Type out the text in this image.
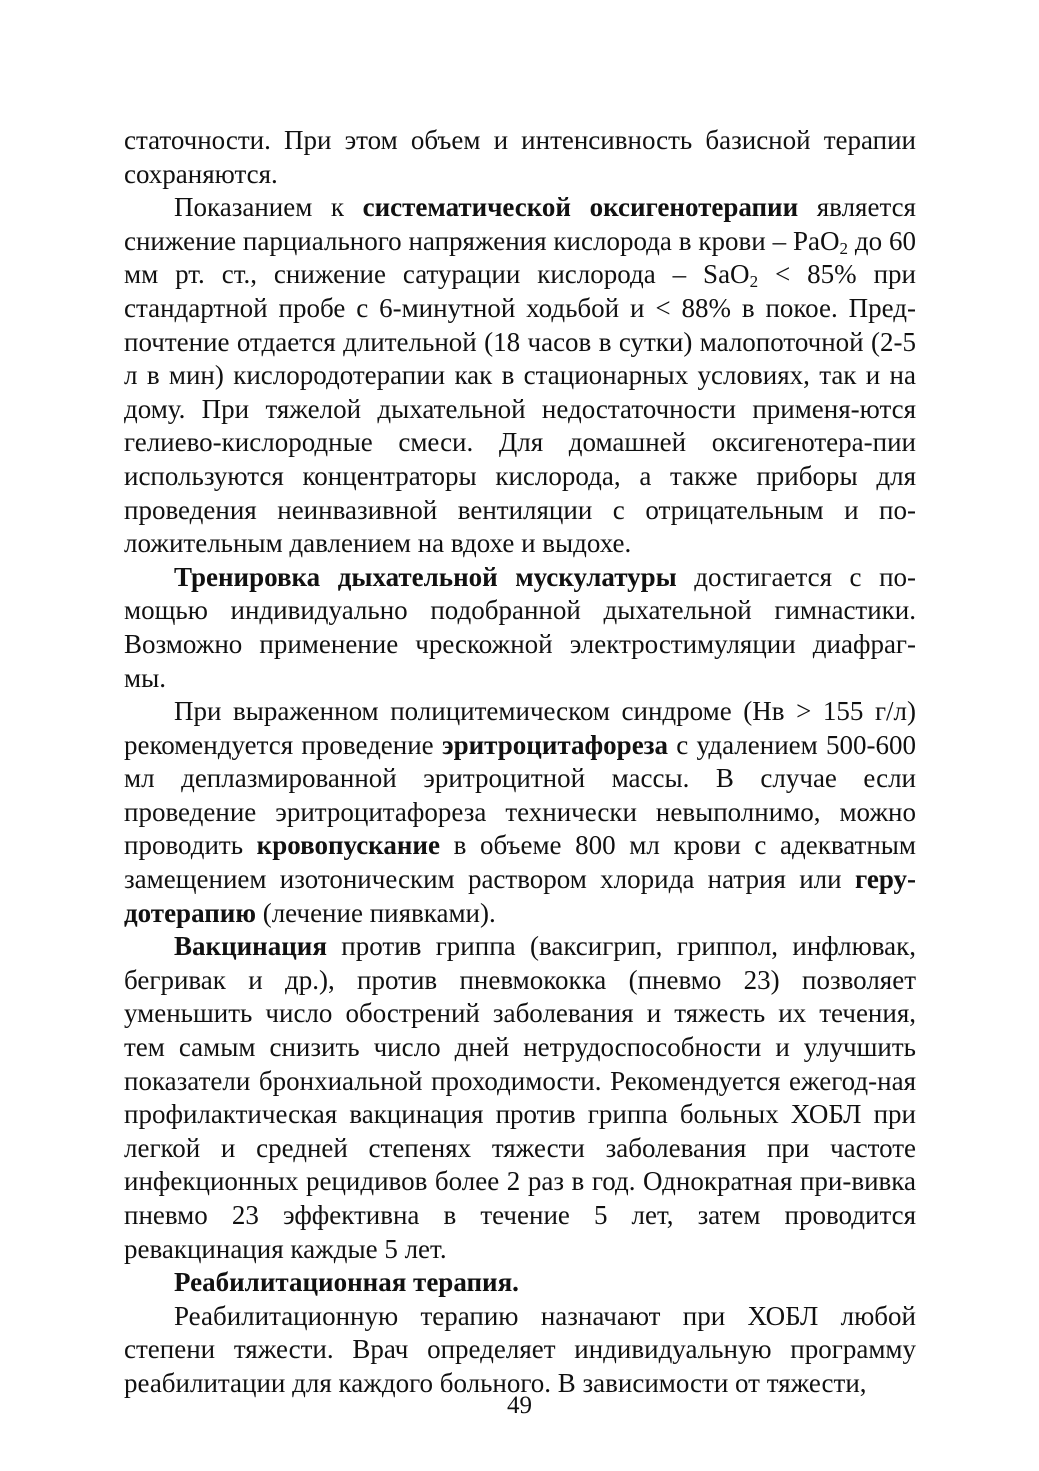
статочности. При этом объем и интенсивность базисной терапии сохраняются.

Показанием к систематической оксигенотерапии является снижение парциального напряжения кислорода в крови – PaO$_2$ до 60 мм рт. ст., снижение сатурации кислорода – SaO$_2$ < 85% при стандартной пробе с 6-минутной ходьбой и < 88% в покое. Пред-почтение отдается длительной (18 часов в сутки) малопоточной (2-5 л в мин) кислородотерапии как в стационарных условиях, так и на дому. При тяжелой дыхательной недостаточности применя-ются гелиево-кислородные смеси. Для домашней оксигенотера-пии используются концентраторы кислорода, а также приборы для проведения неинвазивной вентиляции с отрицательным и по-ложительным давлением на вдохе и выдохе.

Тренировка дыхательной мускулатуры достигается с по-мощью индивидуально подобранной дыхательной гимнастики. Возможно применение чрескожной электростимуляции диафраг-мы.

При выраженном полицитемическом синдроме (Нв > 155 г/л) рекомендуется проведение эритроцитафореза с удалением 500-600 мл деплазмированной эритроцитной массы. В случае если проведение эритроцитафореза технически невыполнимо, можно проводить кровопускание в объеме 800 мл крови с адекватным замещением изотоническим раствором хлорида натрия или геру-дотерапию (лечение пиявками).

Вакцинация против гриппа (ваксигрип, гриппол, инфлювак, бегривак и др.), против пневмококка (пневмо 23) позволяет уменьшить число обострений заболевания и тяжесть их течения, тем самым снизить число дней нетрудоспособности и улучшить показатели бронхиальной проходимости. Рекомендуется ежегод-ная профилактическая вакцинация против гриппа больных ХОБЛ при легкой и средней степенях тяжести заболевания при частоте инфекционных рецидивов более 2 раз в год. Однократная при-вивка пневмо 23 эффективна в течение 5 лет, затем проводится ревакцинация каждые 5 лет.

Реабилитационная терапия.

Реабилитационную терапию назначают при ХОБЛ любой степени тяжести. Врач определяет индивидуальную программу реабилитации для каждого больного. В зависимости от тяжести,

49
